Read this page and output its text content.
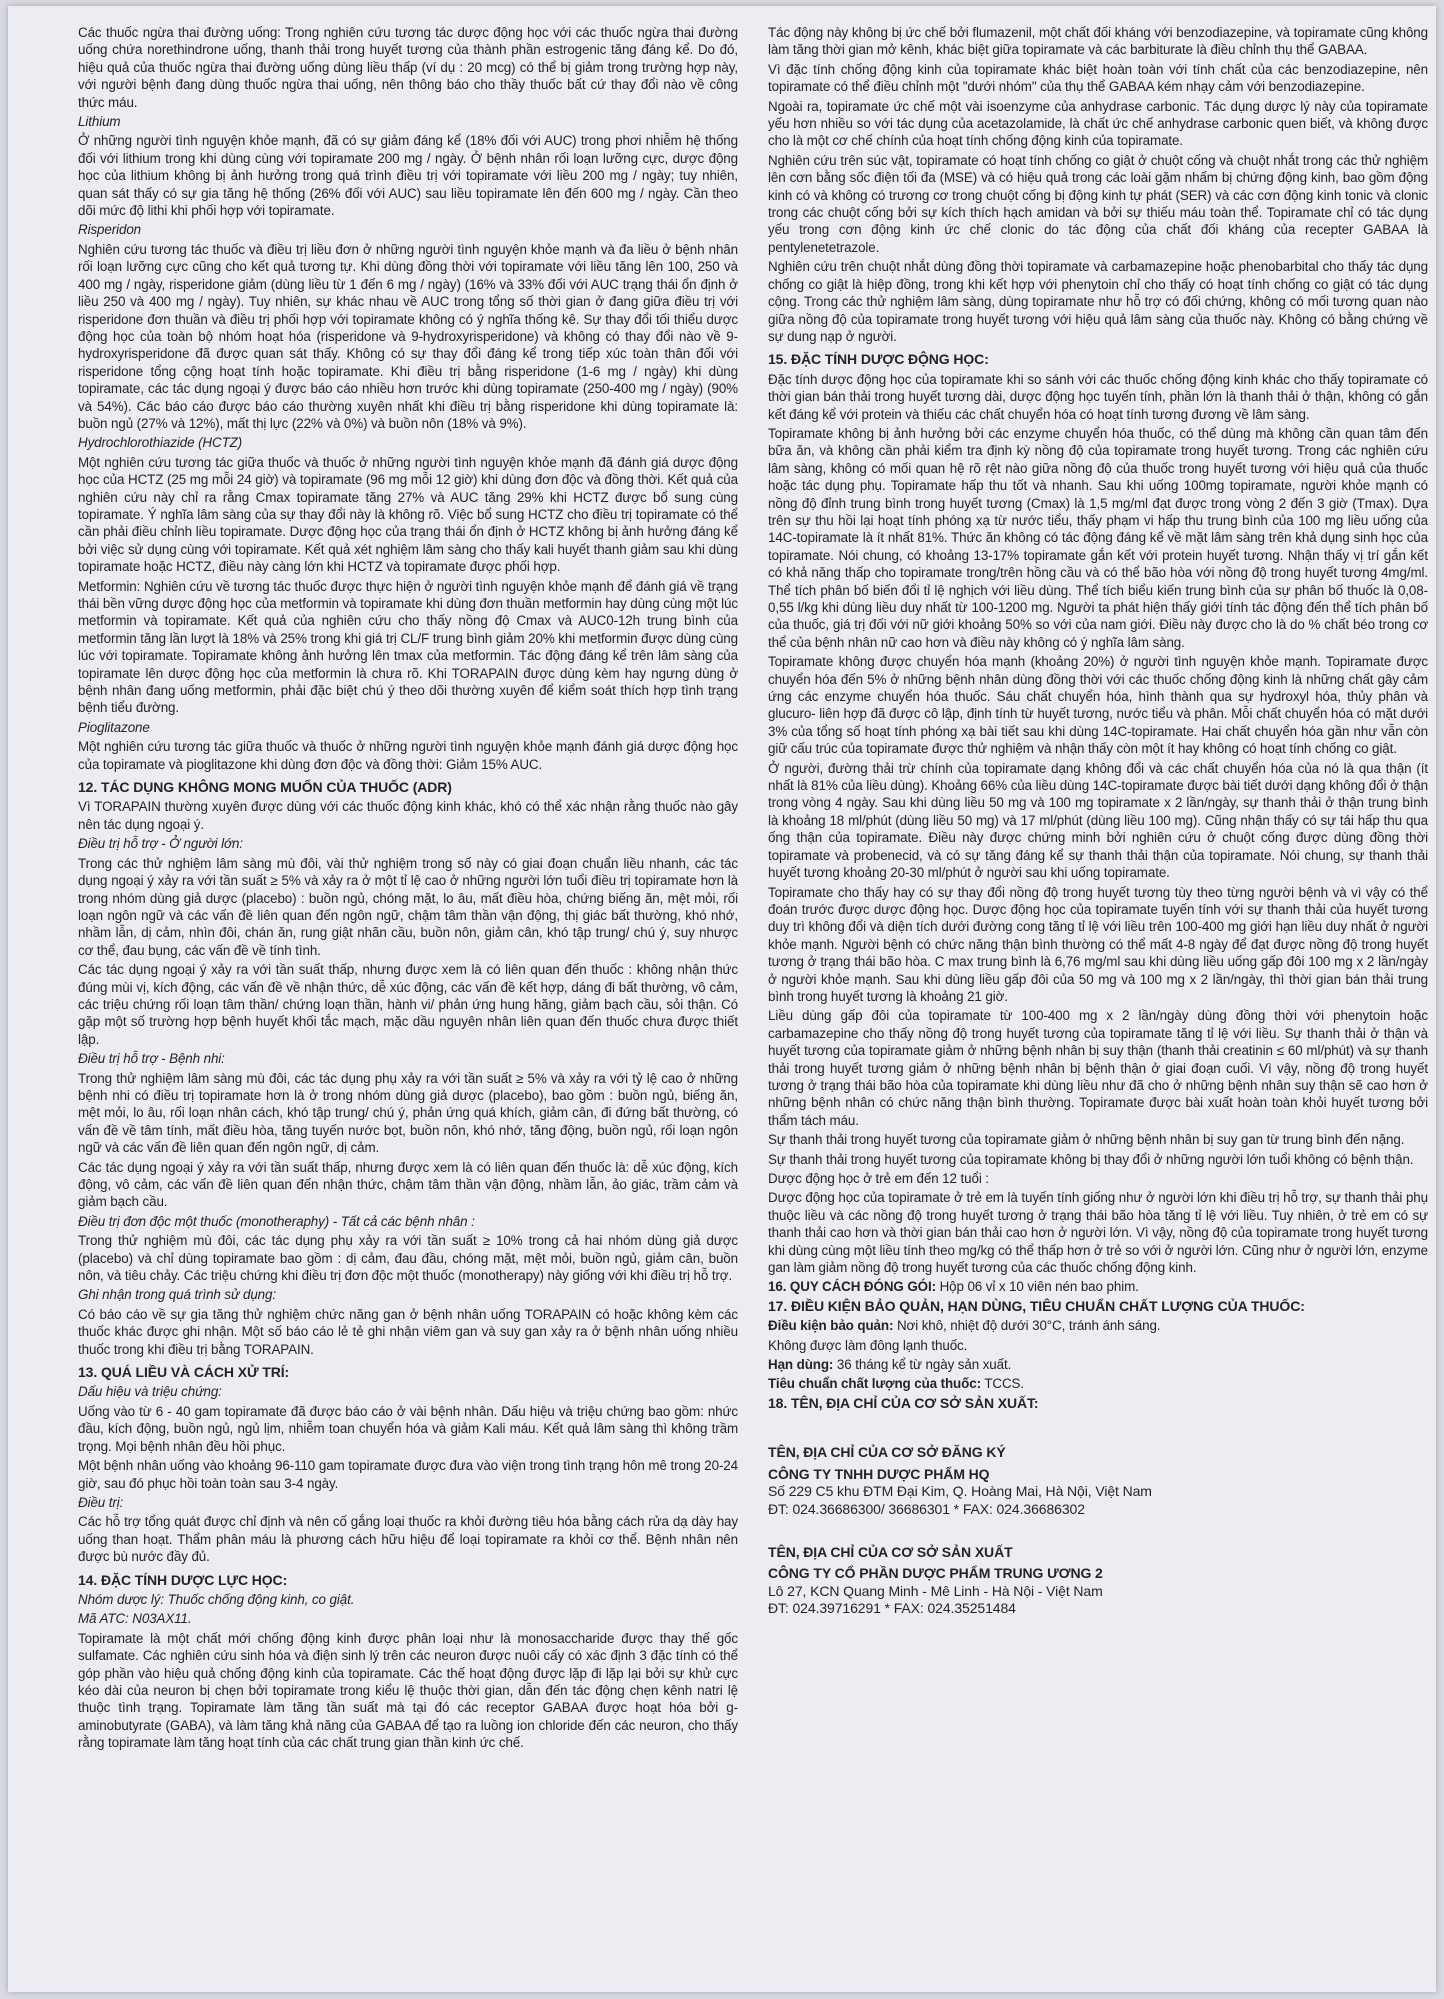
Các thuốc ngừa thai đường uống: Trong nghiên cứu tương tác dược động học với các thuốc ngừa thai đường uống chứa norethindrone uống, thanh thải trong huyết tương của thành phần estrogenic tăng đáng kể. Do đó, hiệu quả của thuốc ngừa thai đường uống dùng liều thấp (ví dụ : 20 mcg) có thể bị giảm trong trường hợp này, với người bệnh đang dùng thuốc ngừa thai uống, nên thông báo cho thầy thuốc bất cứ thay đổi nào về công thức máu.

Lithium

Ở những người tình nguyện khỏe mạnh, đã có sự giảm đáng kể (18% đối với AUC) trong phơi nhiễm hệ thống đối với lithium trong khi dùng cùng với topiramate 200 mg / ngày. Ở bệnh nhân rối loạn lưỡng cực, dược động học của lithium không bị ảnh hưởng trong quá trình điều trị với topiramate với liều 200 mg / ngày; tuy nhiên, quan sát thấy có sự gia tăng hệ thống (26% đối với AUC) sau liều topiramate lên đến 600 mg / ngày. Cần theo dõi mức độ lithi khi phối hợp với topiramate.

Risperidon

Nghiên cứu tương tác thuốc và điều trị liều đơn ở những người tình nguyện khỏe mạnh và đa liều ở bệnh nhân rối loạn lưỡng cực cũng cho kết quả tương tự. Khi dùng đồng thời với topiramate với liều tăng lên 100, 250 và 400 mg / ngày, risperidone giảm (dùng liều từ 1 đến 6 mg / ngày) (16% và 33% đối với AUC trạng thái ổn định ở liều 250 và 400 mg / ngày). Tuy nhiên, sự khác nhau về AUC trong tổng số thời gian ở đang giữa điều trị với risperidone đơn thuần và điều trị phối hợp với topiramate không có ý nghĩa thống kê. Sự thay đổi tối thiểu dược động học của toàn bộ nhóm hoạt hóa (risperidone và 9-hydroxyrisperidone) và không có thay đổi nào về 9-hydroxyrisperidone đã được quan sát thấy. Không có sự thay đổi đáng kể trong tiếp xúc toàn thân đối với risperidone tổng cộng hoạt tính hoặc topiramate. Khi điều trị bằng risperidone (1-6 mg / ngày) khi dùng topiramate, các tác dụng ngoại ý được báo cáo nhiều hơn trước khi dùng topiramate (250-400 mg / ngày) (90% và 54%). Các báo cáo được báo cáo thường xuyên nhất khi điều trị bằng risperidone khi dùng topiramate là: buồn ngủ (27% và 12%), mất thị lực (22% và 0%) và buồn nôn (18% và 9%).

Hydrochlorothiazide (HCTZ)

Một nghiên cứu tương tác giữa thuốc và thuốc ở những người tình nguyện khỏe mạnh đã đánh giá dược động học của HCTZ (25 mg mỗi 24 giờ) và topiramate (96 mg mỗi 12 giờ) khi dùng đơn độc và đồng thời. Kết quả của nghiên cứu này chỉ ra rằng Cmax topiramate tăng 27% và AUC tăng 29% khi HCTZ được bổ sung cùng topiramate. Ý nghĩa lâm sàng của sự thay đổi này là không rõ. Việc bổ sung HCTZ cho điều trị topiramate có thể cần phải điều chỉnh liều topiramate. Dược động học của trạng thái ổn định ở HCTZ không bị ảnh hưởng đáng kể bởi việc sử dụng cùng với topiramate. Kết quả xét nghiệm lâm sàng cho thấy kali huyết thanh giảm sau khi dùng topiramate hoặc HCTZ, điều này càng lớn khi HCTZ và topiramate được phối hợp.

Metformin: Nghiên cứu về tương tác thuốc được thực hiện ở người tình nguyện khỏe mạnh để đánh giá về trạng thái bền vững dược động học của metformin và topiramate khi dùng đơn thuần metformin hay dùng cùng một lúc metformin và topiramate. Kết quả của nghiên cứu cho thấy nồng độ Cmax và AUC0-12h trung bình của metformin tăng lần lượt là 18% và 25% trong khi giá trị CL/F trung bình giảm 20% khi metformin được dùng cùng lúc với topiramate. Topiramate không ảnh hưởng lên tmax của metformin. Tác động đáng kể trên lâm sàng của topiramate lên dược động học của metformin là chưa rõ. Khi TORAPAIN được dùng kèm hay ngưng dùng ở bệnh nhân đang uống metformin, phải đặc biệt chú ý theo dõi thường xuyên để kiểm soát thích hợp tình trạng bệnh tiểu đường.

Pioglitazone

Một nghiên cứu tương tác giữa thuốc và thuốc ở những người tình nguyện khỏe mạnh đánh giá dược động học của topiramate và pioglitazone khi dùng đơn độc và đồng thời: Giảm 15% AUC.

12. TÁC DỤNG KHÔNG MONG MUỐN CỦA THUỐC (ADR)

Vì TORAPAIN thường xuyên được dùng với các thuốc động kinh khác, khó có thể xác nhận rằng thuốc nào gây nên tác dụng ngoại ý.

Điều trị hỗ trợ - Ở người lớn:

Trong các thử nghiệm lâm sàng mù đôi, vài thử nghiệm trong số này có giai đoạn chuẩn liều nhanh, các tác dụng ngoại ý xảy ra với tần suất ≥ 5% và xảy ra ở một tỉ lệ cao ở những người lớn tuổi điều trị topiramate hơn là trong nhóm dùng giả dược (placebo) : buồn ngủ, chóng mặt, lo âu, mất điều hòa, chứng biếng ăn, mệt mỏi, rối loạn ngôn ngữ và các vấn đề liên quan đến ngôn ngữ, chậm tâm thần vận động, thị giác bất thường, khó nhớ, nhầm lẫn, dị cảm, nhìn đôi, chán ăn, rung giật nhãn cầu, buồn nôn, giảm cân, khó tập trung/ chú ý, suy nhược cơ thể, đau bụng, các vấn đề về tính tình.

Các tác dụng ngoại ý xảy ra với tần suất thấp, nhưng được xem là có liên quan đến thuốc : không nhận thức đúng mùi vị, kích động, các vấn đề về nhận thức, dễ xúc động, các vấn đề kết hợp, dáng đi bất thường, vô cảm, các triệu chứng rối loạn tâm thần/ chứng loạn thần, hành vi/ phản ứng hung hăng, giảm bạch cầu, sỏi thận. Có gặp một số trường hợp bệnh huyết khối tắc mạch, mặc dầu nguyên nhân liên quan đến thuốc chưa được thiết lập.

Điều trị hỗ trợ - Bệnh nhi:

Trong thử nghiệm lâm sàng mù đôi, các tác dụng phụ xảy ra với tần suất ≥ 5% và xảy ra với tỷ lệ cao ở những bệnh nhi có điều trị topiramate hơn là ở trong nhóm dùng giả dược (placebo), bao gồm : buồn ngủ, biếng ăn, mệt mỏi, lo âu, rối loạn nhân cách, khó tập trung/ chú ý, phản ứng quá khích, giảm cân, đi đứng bất thường, có vấn đề về tâm tính, mất điều hòa, tăng tuyến nước bọt, buồn nôn, khó nhớ, tăng động, buồn ngủ, rối loạn ngôn ngữ và các vấn đề liên quan đến ngôn ngữ, dị cảm.

Các tác dụng ngoại ý xảy ra với tần suất thấp, nhưng được xem là có liên quan đến thuốc là: dễ xúc động, kích động, vô cảm, các vấn đề liên quan đến nhận thức, chậm tâm thần vận động, nhầm lẫn, ảo giác, trầm cảm và giảm bạch cầu.

Điều trị đơn độc một thuốc (monotheraphy) - Tất cả các bệnh nhân :

Trong thử nghiệm mù đôi, các tác dụng phụ xảy ra với tần suất ≥ 10% trong cả hai nhóm dùng giả dược (placebo) và chỉ dùng topiramate bao gồm : dị cảm, đau đầu, chóng mặt, mệt mỏi, buồn ngủ, giảm cân, buồn nôn, và tiêu chảy. Các triệu chứng khi điều trị đơn độc một thuốc (monotherapy) này giống với khi điều trị hỗ trợ.

Ghi nhận trong quá trình sử dụng:

Có báo cáo về sự gia tăng thử nghiệm chức năng gan ở bệnh nhân uống TORAPAIN có hoặc không kèm các thuốc khác được ghi nhận. Một số báo cáo lẻ tẻ ghi nhận viêm gan và suy gan xảy ra ở bệnh nhân uống nhiều thuốc trong khi điều trị bằng TORAPAIN.

13. QUÁ LIỀU VÀ CÁCH XỬ TRÍ:

Dấu hiệu và triệu chứng:

Uống vào từ 6 - 40 gam topiramate đã được báo cáo ở vài bệnh nhân. Dấu hiệu và triệu chứng bao gồm: nhức đầu, kích động, buồn ngủ, ngủ lịm, nhiễm toan chuyển hóa và giảm Kali máu. Kết quả lâm sàng thì không trầm trọng. Mọi bệnh nhân đều hồi phục.

Một bệnh nhân uống vào khoảng 96-110 gam topiramate được đưa vào viện trong tình trạng hôn mê trong 20-24 giờ, sau đó phục hồi toàn toàn sau 3-4 ngày.

Điều trị:

Các hỗ trợ tổng quát được chỉ định và nên cố gắng loại thuốc ra khỏi đường tiêu hóa bằng cách rửa dạ dày hay uống than hoạt. Thẩm phân máu là phương cách hữu hiệu để loại topiramate ra khỏi cơ thể. Bệnh nhân nên được bù nước đầy đủ.

14. ĐẶC TÍNH DƯỢC LỰC HỌC:

Nhóm dược lý: Thuốc chống động kinh, co giật.

Mã ATC: N03AX11.

Topiramate là một chất mới chống động kinh được phân loại như là monosaccharide được thay thế gốc sulfamate. Các nghiên cứu sinh hóa và điện sinh lý trên các neuron được nuôi cấy có xác định 3 đặc tính có thể góp phần vào hiệu quả chống động kinh của topiramate. Các thế hoạt động được lặp đi lặp lại bởi sự khử cực kéo dài của neuron bị chẹn bởi topiramate trong kiểu lệ thuộc thời gian, dẫn đến tác động chẹn kênh natri lệ thuộc tình trạng. Topiramate làm tăng tần suất mà tại đó các receptor GABAA được hoạt hóa bởi g-aminobutyrate (GABA), và làm tăng khả năng của GABAA để tạo ra luồng ion chloride đến các neuron, cho thấy rằng topiramate làm tăng hoạt tính của các chất trung gian thần kinh ức chế.

Tác động này không bị ức chế bởi flumazenil, một chất đối kháng với benzodiazepine, và topiramate cũng không làm tăng thời gian mở kênh, khác biệt giữa topiramate và các barbiturate là điều chỉnh thụ thể GABAA.

Vì đặc tính chống động kinh của topiramate khác biệt hoàn toàn với tính chất của các benzodiazepine, nên topiramate có thể điều chỉnh một "dưới nhóm" của thụ thể GABAA kém nhạy cảm với benzodiazepine.

Ngoài ra, topiramate ức chế một vài isoenzyme của anhydrase carbonic. Tác dụng dược lý này của topiramate yếu hơn nhiều so với tác dụng của acetazolamide, là chất ức chế anhydrase carbonic quen biết, và không được cho là một cơ chế chính của hoạt tính chống động kinh của topiramate.

Nghiên cứu trên súc vật, topiramate có hoạt tính chống co giật ở chuột cống và chuột nhắt trong các thử nghiệm lên cơn bằng sốc điện tối đa (MSE) và có hiệu quả trong các loài gặm nhấm bị chứng động kinh, bao gồm động kinh có và không có trương cơ trong chuột cống bị động kinh tự phát (SER) và các cơn động kinh tonic và clonic trong các chuột cống bởi sự kích thích hạch amidan và bởi sự thiếu máu toàn thể. Topiramate chỉ có tác dụng yếu trong cơn động kinh ức chế clonic do tác động của chất đối kháng của recepter GABAA là pentylenetetrazole.

Nghiên cứu trên chuột nhắt dùng đồng thời topiramate và carbamazepine hoặc phenobarbital cho thấy tác dụng chống co giật là hiệp đồng, trong khi kết hợp với phenytoin chỉ cho thấy có hoạt tính chống co giật có tác dụng cộng. Trong các thử nghiệm lâm sàng, dùng topiramate như hỗ trợ có đối chứng, không có mối tương quan nào giữa nồng độ của topiramate trong huyết tương với hiệu quả lâm sàng của thuốc này. Không có bằng chứng về sự dung nạp ở người.

15. ĐẶC TÍNH DƯỢC ĐỘNG HỌC:

Đặc tính dược động học của topiramate khi so sánh với các thuốc chống động kinh khác cho thấy topiramate có thời gian bán thải trong huyết tương dài, dược động học tuyến tính, phần lớn là thanh thải ở thận, không có gắn kết đáng kể với protein và thiếu các chất chuyển hóa có hoạt tính tương đương về lâm sàng.

Topiramate không bị ảnh hưởng bởi các enzyme chuyển hóa thuốc, có thể dùng mà không cần quan tâm đến bữa ăn, và không cần phải kiểm tra định kỳ nồng độ của topiramate trong huyết tương. Trong các nghiên cứu lâm sàng, không có mối quan hệ rõ rệt nào giữa nồng độ của thuốc trong huyết tương với hiệu quả của thuốc hoặc tác dụng phụ. Topiramate hấp thu tốt và nhanh. Sau khi uống 100mg topiramate, người khỏe mạnh có nồng độ đỉnh trung bình trong huyết tương (Cmax) là 1,5 mg/ml đạt được trong vòng 2 đến 3 giờ (Tmax). Dựa trên sự thu hồi lại hoạt tính phóng xạ từ nước tiểu, thấy phạm vi hấp thu trung bình của 100 mg liều uống của 14C-topiramate là ít nhất 81%. Thức ăn không có tác động đáng kể về mặt lâm sàng trên khả dụng sinh học của topiramate. Nói chung, có khoảng 13-17% topiramate gắn kết với protein huyết tương. Nhận thấy vị trí gắn kết có khả năng thấp cho topiramate trong/trên hồng cầu và có thể bão hòa với nồng độ trong huyết tương 4mg/ml. Thể tích phân bố biến đổi tỉ lệ nghịch với liều dùng. Thể tích biểu kiến trung bình của sự phân bố thuốc là 0,08-0,55 l/kg khi dùng liều duy nhất từ 100-1200 mg. Người ta phát hiện thấy giới tính tác động đến thể tích phân bố của thuốc, giá trị đối với nữ giới khoảng 50% so với của nam giới. Điều này được cho là do % chất béo trong cơ thể của bệnh nhân nữ cao hơn và điều này không có ý nghĩa lâm sàng.

Topiramate không được chuyển hóa mạnh (khoảng 20%) ở người tình nguyện khỏe mạnh. Topiramate được chuyển hóa đến 5% ở những bệnh nhân dùng đồng thời với các thuốc chống động kinh là những chất gây cảm ứng các enzyme chuyển hóa thuốc. Sáu chất chuyển hóa, hình thành qua sự hydroxyl hóa, thủy phân và glucuro- liên hợp đã được cô lập, định tính từ huyết tương, nước tiểu và phân. Mỗi chất chuyển hóa có mặt dưới 3% của tổng số hoạt tính phóng xạ bài tiết sau khi dùng 14C-topiramate. Hai chất chuyển hóa gần như vẫn còn giữ cấu trúc của topiramate được thử nghiệm và nhận thấy còn một ít hay không có hoạt tính chống co giật.

Ở người, đường thải trừ chính của topiramate dạng không đổi và các chất chuyển hóa của nó là qua thận (ít nhất là 81% của liều dùng). Khoảng 66% của liều dùng 14C-topiramate được bài tiết dưới dạng không đổi ở thận trong vòng 4 ngày. Sau khi dùng liều 50 mg và 100 mg topiramate x 2 lần/ngày, sự thanh thải ở thận trung bình là khoảng 18 ml/phút (dùng liều 50 mg) và 17 ml/phút (dùng liều 100 mg). Cũng nhận thấy có sự tái hấp thu qua ống thận của topiramate. Điều này được chứng minh bởi nghiên cứu ở chuột cống được dùng đồng thời topiramate và probenecid, và có sự tăng đáng kể sự thanh thải thận của topiramate. Nói chung, sự thanh thải huyết tương khoảng 20-30 ml/phút ở người sau khi uống topiramate.

Topiramate cho thấy hay có sự thay đổi nồng độ trong huyết tương tùy theo từng người bệnh và vì vậy có thể đoán trước được dược động học. Dược động học của topiramate tuyến tính với sự thanh thải của huyết tương duy trì không đổi và diện tích dưới đường cong tăng tỉ lệ với liều trên 100-400 mg giới hạn liều duy nhất ở người khỏe mạnh. Người bệnh có chức năng thận bình thường có thể mất 4-8 ngày để đạt được nồng độ trong huyết tương ở trạng thái bão hòa. C max trung bình là 6,76 mg/ml sau khi dùng liều uống gấp đôi 100 mg x 2 lần/ngày ở người khỏe mạnh. Sau khi dùng liều gấp đôi của 50 mg và 100 mg x 2 lần/ngày, thì thời gian bán thải trung bình trong huyết tương là khoảng 21 giờ.

Liều dùng gấp đôi của topiramate từ 100-400 mg x 2 lần/ngày dùng đồng thời với phenytoin hoặc carbamazepine cho thấy nồng độ trong huyết tương của topiramate tăng tỉ lệ với liều. Sự thanh thải ở thận và huyết tương của topiramate giảm ở những bệnh nhân bị suy thận (thanh thải creatinin ≤ 60 ml/phút) và sự thanh thải trong huyết tương giảm ở những bệnh nhân bị bệnh thận ở giai đoạn cuối. Vì vậy, nồng độ trong huyết tương ở trạng thái bão hòa của topiramate khi dùng liều như đã cho ở những bệnh nhân suy thận sẽ cao hơn ở những bệnh nhân có chức năng thận bình thường. Topiramate được bài xuất hoàn toàn khỏi huyết tương bởi thẩm tách máu.

Sự thanh thải trong huyết tương của topiramate giảm ở những bệnh nhân bị suy gan từ trung bình đến nặng.

Sự thanh thải trong huyết tương của topiramate không bị thay đổi ở những người lớn tuổi không có bệnh thận.

Dược động học ở trẻ em đến 12 tuổi :

Dược động học của topiramate ở trẻ em là tuyến tính giống như ở người lớn khi điều trị hỗ trợ, sự thanh thải phụ thuộc liều và các nồng độ trong huyết tương ở trạng thái bão hòa tăng tỉ lệ với liều. Tuy nhiên, ở trẻ em có sự thanh thải cao hơn và thời gian bán thải cao hơn ở người lớn. Vì vậy, nồng độ của topiramate trong huyết tương khi dùng cùng một liều tính theo mg/kg có thể thấp hơn ở trẻ so với ở người lớn. Cũng như ở người lớn, enzyme gan làm giảm nồng độ trong huyết tương của các thuốc chống động kinh.

16. QUY CÁCH ĐÓNG GÓI: Hộp 06 vỉ x 10 viên nén bao phim.

17. ĐIỀU KIỆN BẢO QUẢN, HẠN DÙNG, TIÊU CHUẨN CHẤT LƯỢNG CỦA THUỐC:

Điều kiện bảo quản: Nơi khô, nhiệt độ dưới 30°C, tránh ánh sáng.

Không được làm đông lạnh thuốc.

Hạn dùng: 36 tháng kể từ ngày sản xuất.

Tiêu chuẩn chất lượng của thuốc: TCCS.

18. TÊN, ĐỊA CHỈ CỦA CƠ SỞ SẢN XUẤT:
TÊN, ĐỊA CHỈ CỦA CƠ SỞ ĐĂNG KÝ
CÔNG TY TNHH DƯỢC PHẨM HQ
Số 229 C5 khu ĐTM Đại Kim, Q. Hoàng Mai, Hà Nội, Việt Nam
ĐT: 024.36686300/ 36686301 * FAX: 024.36686302
TÊN, ĐỊA CHỈ CỦA CƠ SỞ SẢN XUẤT
CÔNG TY CỔ PHẦN DƯỢC PHẨM TRUNG ƯƠNG 2
Lô 27, KCN Quang Minh - Mê Linh - Hà Nội - Việt Nam
ĐT: 024.39716291 * FAX: 024.35251484
